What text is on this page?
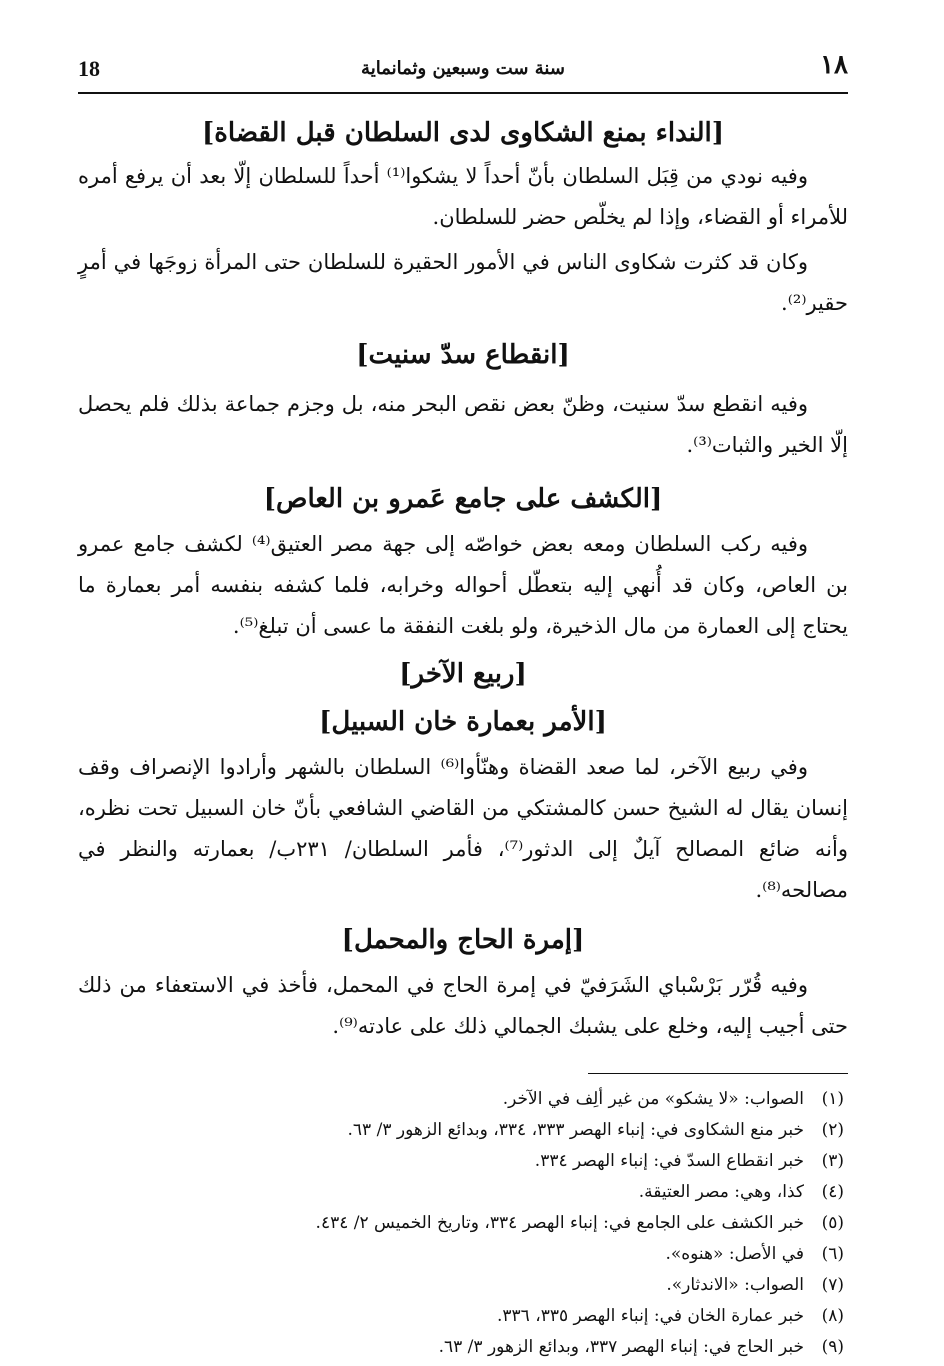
١٨
سنة ست وسبعين وثمانماية
18
[النداء بمنع الشكاوى لدى السلطان قبل القضاة]

وفيه نودي من قِبَل السلطان بأنّ أحداً لا يشكوا⁽¹⁾ أحداً للسلطان إلّا بعد أن يرفع أمره للأمراء أو القضاء، وإذا لم يخلّص حضر للسلطان.

وكان قد كثرت شكاوى الناس في الأمور الحقيرة للسلطان حتى المرأة زوجَها في أمرٍ حقير⁽²⁾.

[انقطاع سدّ سنيت]

وفيه انقطع سدّ سنيت، وظنّ بعض نقص البحر منه، بل وجزم جماعة بذلك فلم يحصل إلّا الخير والثبات⁽³⁾.

[الكشف على جامع عَمرو بن العاص]

وفيه ركب السلطان ومعه بعض خواصّه إلى جهة مصر العتيق⁽⁴⁾ لكشف جامع عمرو بن العاص، وكان قد أُنهي إليه بتعطّل أحواله وخرابه، فلما كشفه بنفسه أمر بعمارة ما يحتاج إلى العمارة من مال الذخيرة، ولو بلغت النفقة ما عسى أن تبلغ⁽⁵⁾.

[ربيع الآخر]
[الأمر بعمارة خان السبيل]

وفي ربيع الآخر، لما صعد القضاة وهنّأوا⁽⁶⁾ السلطان بالشهر وأرادوا الإنصراف وقف إنسان يقال له الشيخ حسن كالمشتكي من القاضي الشافعي بأنّ خان السبيل تحت نظره، وأنه ضائع المصالح آيلٌ إلى الدثور⁽⁷⁾، فأمر السلطان/ ٢٣١ب/ بعمارته والنظر في مصالحه⁽⁸⁾.

[إمرة الحاج والمحمل]

وفيه قُرّر بَرْسْباي الشَرَفيّ في إمرة الحاج في المحمل، فأخذ في الاستعفاء من ذلك حتى أجيب إليه، وخلع على يشبك الجمالي ذلك على عادته⁽⁹⁾.

(١)
الصواب: «لا يشكو» من غير ألِف في الآخر.
(٢)
خبر منع الشكاوى في: إنباء الهصر ٣٣٣، ٣٣٤، وبدائع الزهور ٣/ ٦٣.
(٣)
خبر انقطاع السدّ في: إنباء الهصر ٣٣٤.
(٤)
كذا، وهي: مصر العتيقة.
(٥)
خبر الكشف على الجامع في: إنباء الهصر ٣٣٤، وتاريخ الخميس ٢/ ٤٣٤.
(٦)
في الأصل: «هنوه».
(٧)
الصواب: «الاندثار».
(٨)
خبر عمارة الخان في: إنباء الهصر ٣٣٥، ٣٣٦.
(٩)
خبر الحاج في: إنباء الهصر ٣٣٧، وبدائع الزهور ٣/ ٦٣.
